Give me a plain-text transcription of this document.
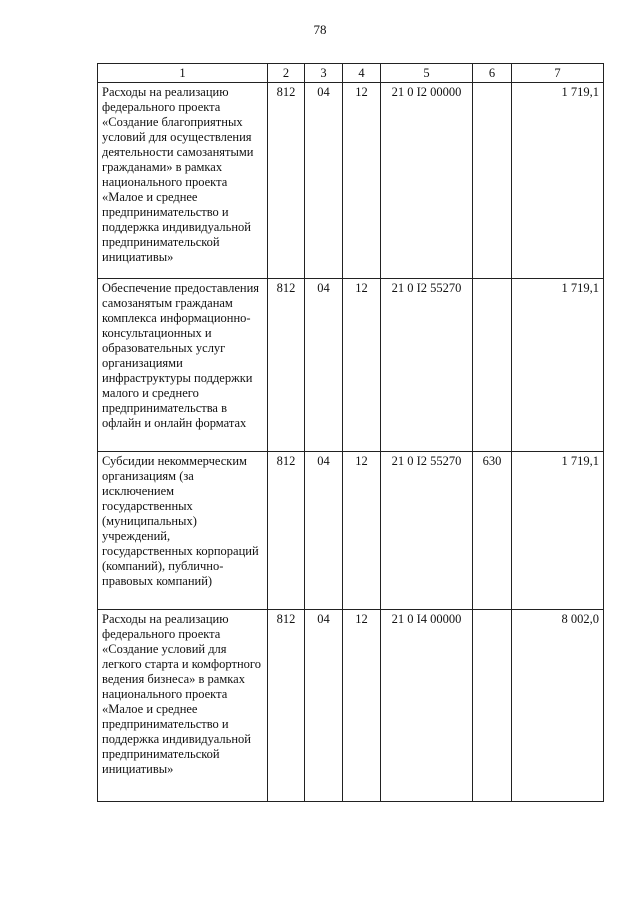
78
1	2	3	4	5	6	7
Расходы на реализацию федерального проекта «Создание благоприятных условий для осуществления деятельности самозанятыми гражданами» в рамках национального проекта «Малое и среднее предпринимательство и поддержка индивидуальной предпринимательской инициативы»	812	04	12	21 0 I2 00000		1 719,1
Обеспечение предоставления самозанятым гражданам комплекса информационно-консультационных и образовательных услуг организациями инфраструктуры поддержки малого и среднего предпринимательства в офлайн и онлайн форматах	812	04	12	21 0 I2 55270		1 719,1
Субсидии некоммерческим организациям (за исключением государственных (муниципальных) учреждений, государственных корпораций (компаний), публично-правовых компаний)	812	04	12	21 0 I2 55270	630	1 719,1
Расходы на реализацию федерального проекта «Создание условий для легкого старта и комфортного ведения бизнеса» в рамках национального проекта «Малое и среднее предпринимательство и поддержка индивидуальной предпринимательской инициативы»	812	04	12	21 0 I4 00000		8 002,0
